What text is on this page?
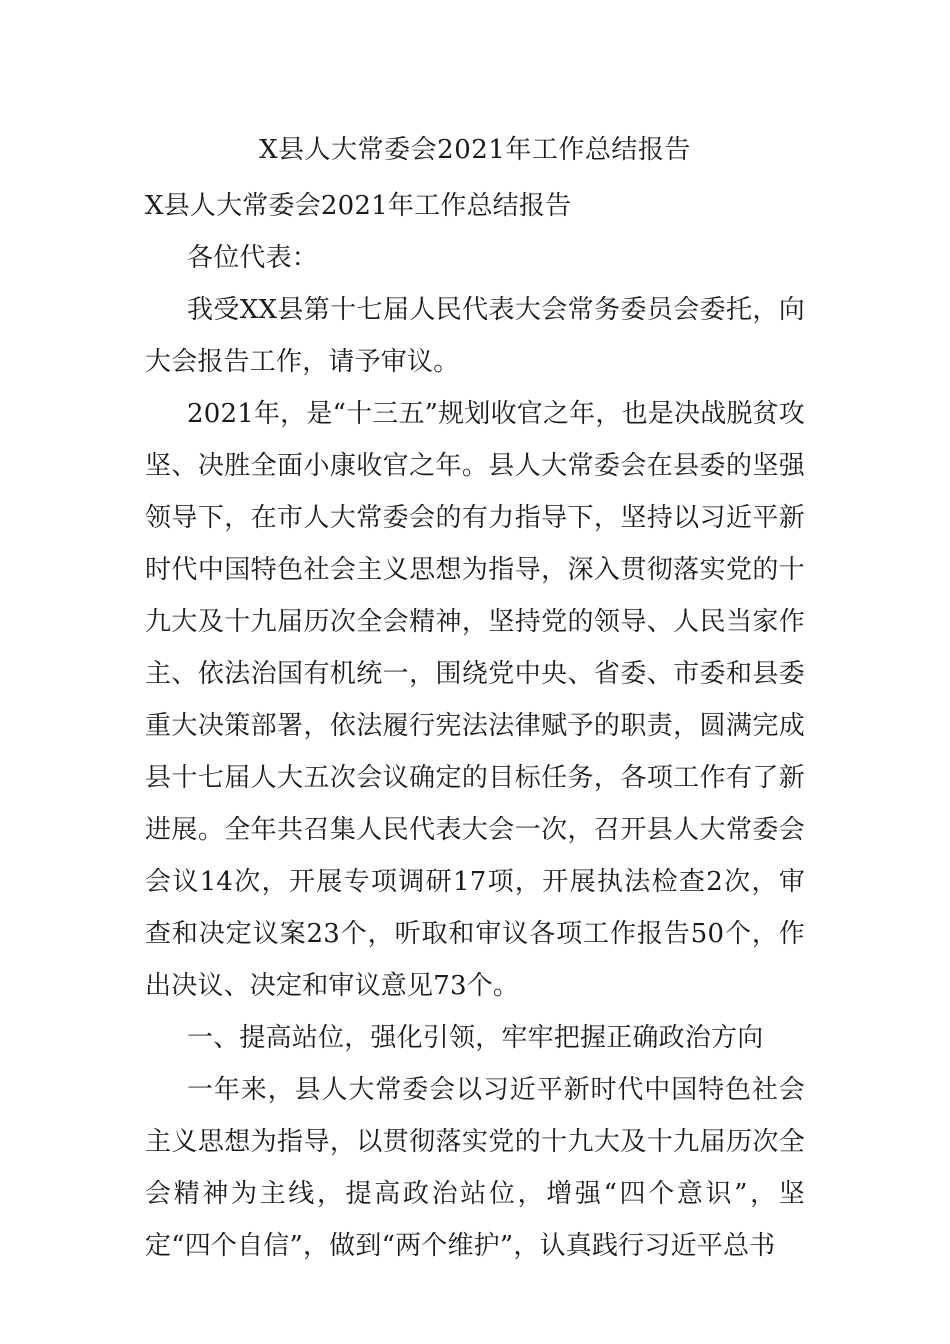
X县人大常委会2021年工作总结报告

X县人大常委会2021年工作总结报告

各位代表：

我受XX县第十七届人民代表大会常务委员会委托，向大会报告工作，请予审议。

2021年，是“十三五”规划收官之年，也是决战脱贫攻坚、决胜全面小康收官之年。县人大常委会在县委的坚强领导下，在市人大常委会的有力指导下，坚持以习近平新时代中国特色社会主义思想为指导，深入贯彻落实党的十九大及十九届历次全会精神，坚持党的领导、人民当家作主、依法治国有机统一，围绕党中央、省委、市委和县委重大决策部署，依法履行宪法法律赋予的职责，圆满完成县十七届人大五次会议确定的目标任务，各项工作有了新进展。全年共召集人民代表大会一次，召开县人大常委会会议14次，开展专项调研17项，开展执法检查2次，审查和决定议案23个，听取和审议各项工作报告50个，作出决议、决定和审议意见73个。

一、提高站位，强化引领，牢牢把握正确政治方向

一年来，县人大常委会以习近平新时代中国特色社会主义思想为指导，以贯彻落实党的十九大及十九届历次全会精神为主线，提高政治站位，增强“四个意识”，坚定“四个自信”，做到“两个维护”，认真践行习近平总书
